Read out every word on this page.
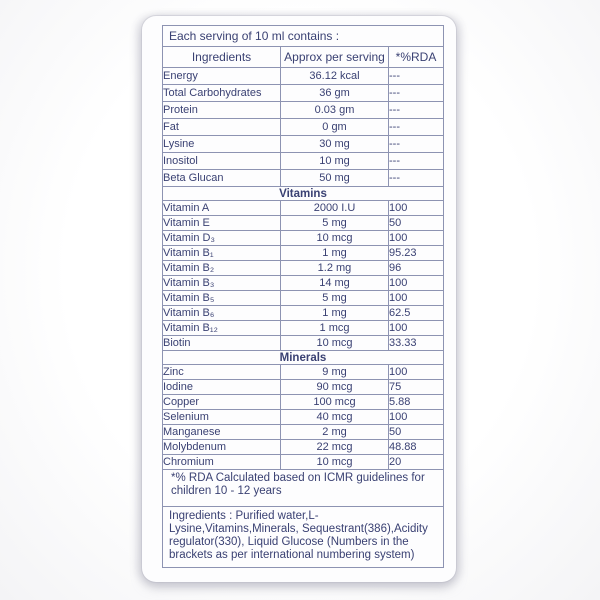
Each serving of 10 ml contains :		
Ingredients	Approx per serving	*%RDA
Energy	36.12 kcal	---
Total Carbohydrates	36 gm	---
Protein	0.03 gm	---
Fat	0 gm	---
Lysine	30 mg	---
Inositol	10 mg	---
Beta Glucan	50 mg	---
Vitamins		
Vitamin A	2000 I.U	100
Vitamin E	5 mg	50
Vitamin D₃	10 mcg	100
Vitamin B₁	1 mg	95.23
Vitamin B₂	1.2 mg	96
Vitamin B₃	14 mg	100
Vitamin B₅	5 mg	100
Vitamin B₆	1 mg	62.5
Vitamin B₁₂	1 mcg	100
Biotin	10 mcg	33.33
Minerals		
Zinc	9 mg	100
Iodine	90 mcg	75
Copper	100 mcg	5.88
Selenium	40 mcg	100
Manganese	2 mg	50
Molybdenum	22 mcg	48.88
Chromium	10 mcg	20
*% RDA Calculated based on ICMR guidelines for children 10 - 12 years		
Ingredients : Purified water,L-Lysine,Vitamins,Minerals, Sequestrant(386),Acidity regulator(330), Liquid Glucose (Numbers in the brackets as per international numbering system)		
